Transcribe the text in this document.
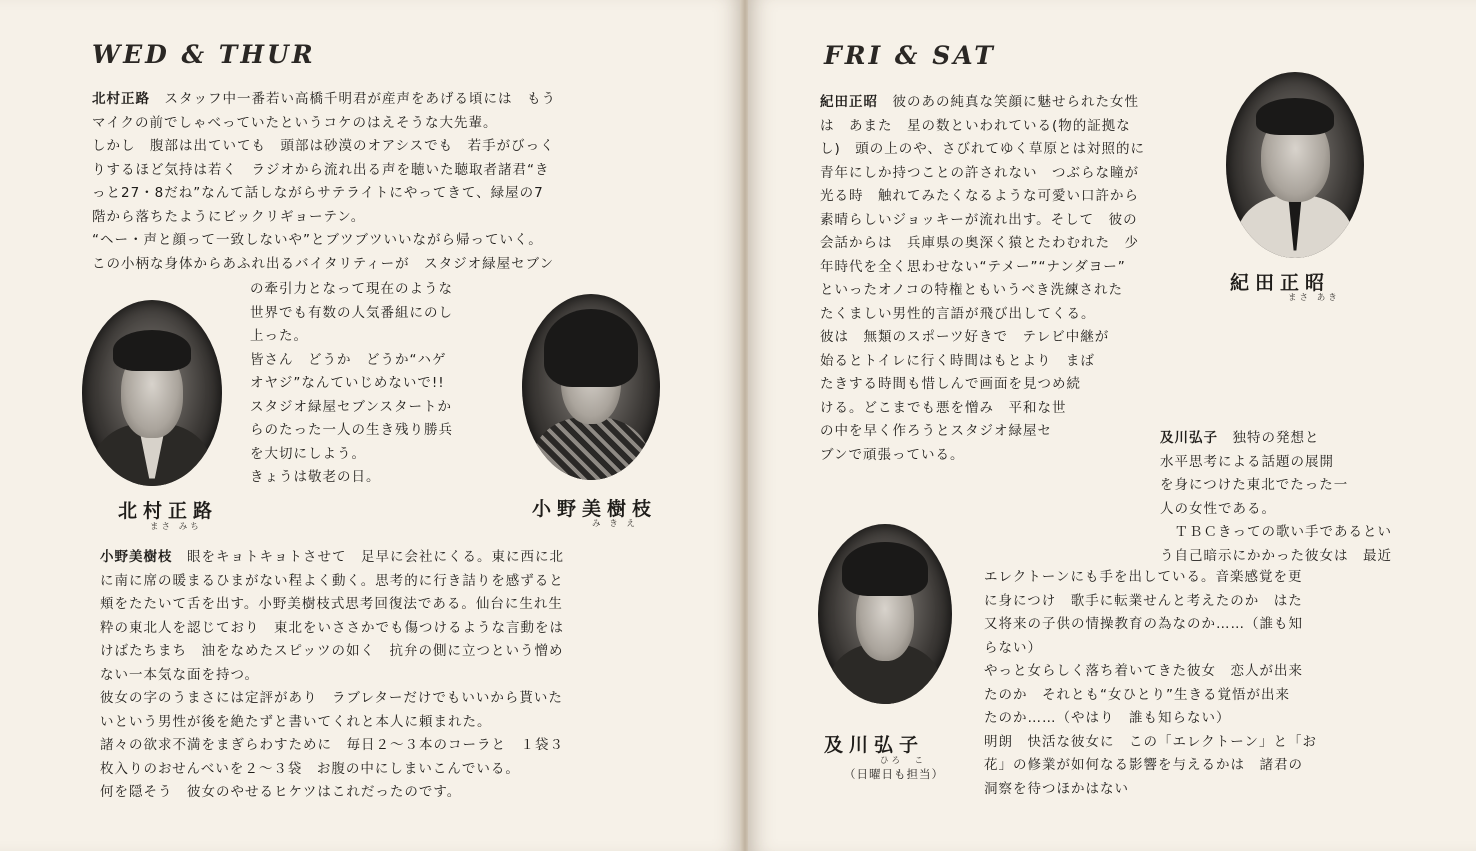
WED & THUR
北村正路　スタッフ中一番若い高橋千明君が産声をあげる頃には　もう
マイクの前でしゃべっていたというコケのはえそうな大先輩。
しかし　腹部は出ていても　頭部は砂漠のオアシスでも　若手がびっく
りするほど気持は若く　ラジオから流れ出る声を聴いた聴取者諸君“き
っと27・8だね”なんて話しながらサテライトにやってきて、緑屋の7
階から落ちたようにビックリギョーテン。
“ヘー・声と顔って一致しないや”とブツブツいいながら帰っていく。
この小柄な身体からあふれ出るバイタリティーが　スタジオ緑屋セブン
の牽引力となって現在のような
世界でも有数の人気番組にのし
上った。
皆さん　どうか　どうか“ハゲ
オヤジ”なんていじめないで!!
スタジオ緑屋セブンスタートか
らのたった一人の生き残り勝兵
を大切にしよう。
きょうは敬老の日。
北村正路
まさ みち
小野美樹枝
み き え
小野美樹枝　眼をキョトキョトさせて　足早に会社にくる。東に西に北
に南に席の暖まるひまがない程よく動く。思考的に行き詰りを感ずると
頬をたたいて舌を出す。小野美樹枝式思考回復法である。仙台に生れ生
粋の東北人を認じており　東北をいささかでも傷つけるような言動をは
けばたちまち　油をなめたスピッツの如く　抗弁の側に立つという憎め
ない一本気な面を持つ。
彼女の字のうまさには定評があり　ラブレターだけでもいいから貰いた
いという男性が後を絶たずと書いてくれと本人に頼まれた。
諸々の欲求不満をまぎらわすために　毎日２～３本のコーラと　１袋３
枚入りのおせんべいを２～３袋　お腹の中にしまいこんでいる。
何を隠そう　彼女のやせるヒケツはこれだったのです。
FRI & SAT
紀田正昭　彼のあの純真な笑顔に魅せられた女性
は　あまた　星の数といわれている(物的証拠な
し)　頭の上のや、さびれてゆく草原とは対照的に
青年にしか持つことの許されない　つぶらな瞳が
光る時　触れてみたくなるような可愛い口許から
素晴らしいジョッキーが流れ出す。そして　彼の
会話からは　兵庫県の奥深く猿とたわむれた　少
年時代を全く思わせない“テメー”“ナンダヨー”
といったオノコの特権ともいうべき洗練された
たくましい男性的言語が飛び出してくる。
彼は　無類のスポーツ好きで　テレビ中継が
始るとトイレに行く時間はもとより　まば
たきする時間も惜しんで画面を見つめ続
ける。どこまでも悪を憎み　平和な世
の中を早く作ろうとスタジオ緑屋セ
ブンで頑張っている。
紀田正昭
まさ あき
及川弘子　独特の発想と
水平思考による話題の展開
を身につけた東北でたった一
人の女性である。
　ＴＢＣきっての歌い手であるとい
う自己暗示にかかった彼女は　最近
及川弘子
ひろ　こ
（日曜日も担当）
エレクトーンにも手を出している。音楽感覚を更
に身につけ　歌手に転業せんと考えたのか　はた
又将来の子供の情操教育の為なのか……（誰も知
らない）
やっと女らしく落ち着いてきた彼女　恋人が出来
たのか　それとも“女ひとり”生きる覚悟が出来
たのか……（やはり　誰も知らない）
明朗　快活な彼女に　この「エレクトーン」と「お
花」の修業が如何なる影響を与えるかは　諸君の
洞察を待つほかはない
